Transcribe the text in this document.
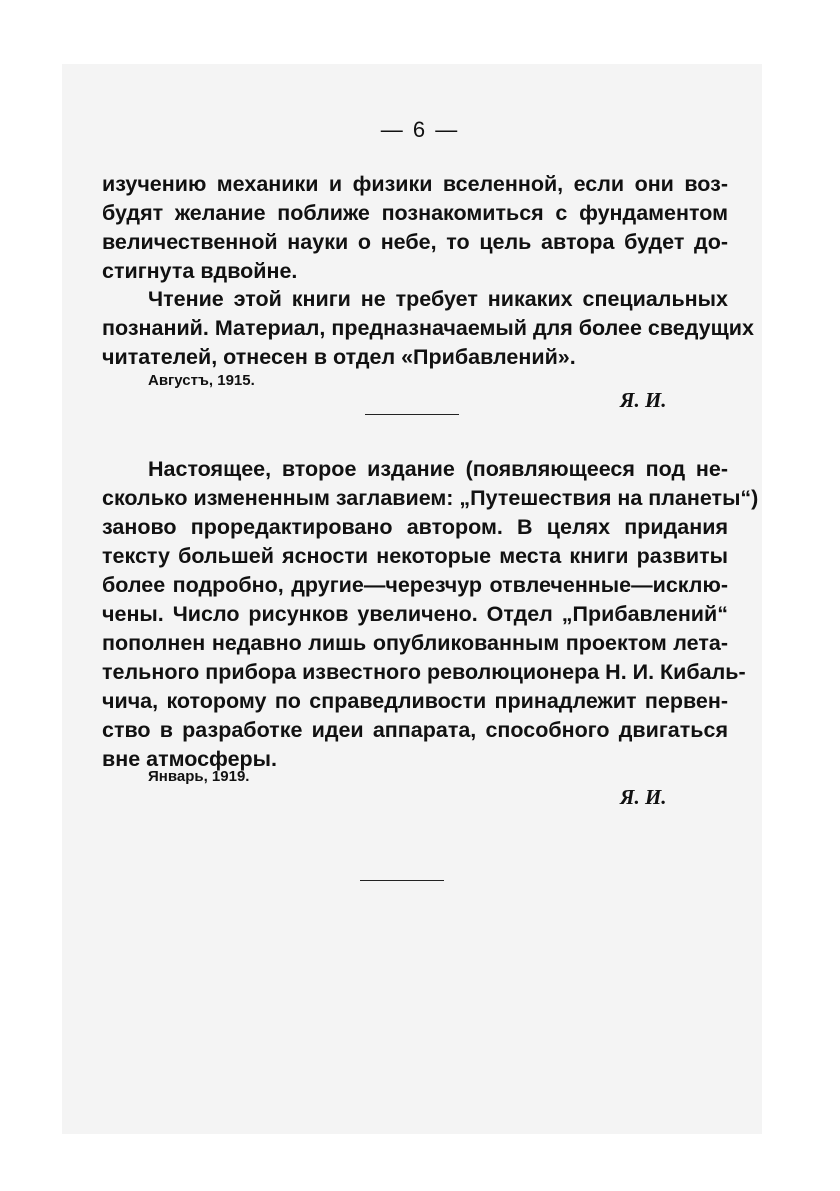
— 6 —
изучению механики и физики вселенной, если они воз-
будят желание поближе познакомиться с фундаментом
величественной науки о небе, то цель автора будет до-
стигнута вдвойне.
Чтение этой книги не требует никаких специальных
познаний. Материал, предназначаемый для более сведущих
читателей, отнесен в отдел «Прибавлений».
Августъ, 1915.
Я. И.
Настоящее, второе издание (появляющееся под не-
сколько измененным заглавием: „Путешествия на планеты“)
заново проредактировано автором. В целях придания
тексту большей ясности некоторые места книги развиты
более подробно, другие—черезчур отвлеченные—исклю-
чены. Число рисунков увеличено. Отдел „Прибавлений“
пополнен недавно лишь опубликованным проектом лета-
тельного прибора известного революционера Н. И. Кибаль-
чича, которому по справедливости принадлежит первен-
ство в разработке идеи аппарата, способного двигаться
вне атмосферы.
Январь, 1919.
Я. И.
